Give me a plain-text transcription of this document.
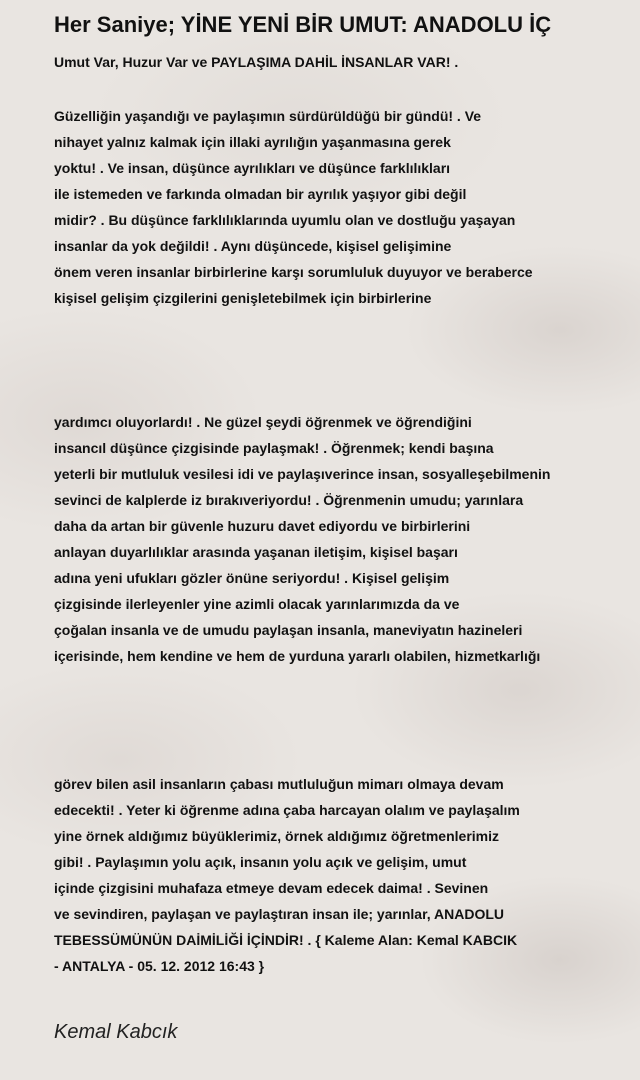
Her Saniye; YİNE YENİ BİR UMUT: ANADOLU İÇ
Umut Var, Huzur Var ve PAYLAŞIMA DAHİL İNSANLAR VAR! .
Güzelliğin yaşandığı ve paylaşımın sürdürüldüğü bir gündü! . Ve
nihayet yalnız kalmak için illaki ayrılığın yaşanmasına gerek
yoktu! . Ve insan, düşünce ayrılıkları ve düşünce farklılıkları
ile istemeden ve farkında olmadan bir ayrılık yaşıyor gibi değil
midir? . Bu düşünce farklılıklarında uyumlu olan ve dostluğu yaşayan
insanlar da yok değildi! . Aynı düşüncede, kişisel gelişimine
önem veren insanlar birbirlerine karşı sorumluluk duyuyor ve beraberce
kişisel gelişim çizgilerini genişletebilmek için birbirlerine
yardımcı oluyorlardı! . Ne güzel şeydi öğrenmek ve öğrendiğini
insancıl düşünce çizgisinde paylaşmak! . Öğrenmek; kendi başına
yeterli bir mutluluk vesilesi idi ve paylaşıverince insan, sosyalleşebilmenin
sevinci de kalplerde iz bırakıveriyordu! . Öğrenmenin umudu; yarınlara
daha da artan bir güvenle huzuru davet ediyordu ve birbirlerini
anlayan duyarlılıklar arasında yaşanan iletişim, kişisel başarı
adına yeni ufukları gözler önüne seriyordu! . Kişisel gelişim
çizgisinde ilerleyenler yine azimli olacak yarınlarımızda da ve
çoğalan insanla ve de umudu paylaşan insanla, maneviyatın hazineleri
içerisinde, hem kendine ve hem de yurduna yararlı olabilen, hizmetkarlığı
görev bilen asil insanların çabası mutluluğun mimarı olmaya devam
edecekti! . Yeter ki öğrenme adına çaba harcayan olalım ve paylaşalım
yine örnek aldığımız büyüklerimiz, örnek aldığımız öğretmenlerimiz
gibi! . Paylaşımın yolu açık, insanın yolu açık ve gelişim, umut
içinde çizgisini muhafaza etmeye devam edecek daima! . Sevinen
ve sevindiren, paylaşan ve paylaştıran insan ile; yarınlar, ANADOLU
TEBESSÜMÜNÜN DAİMİLİĞİ İÇİNDİR! . { Kaleme Alan: Kemal KABCIK
- ANTALYA - 05. 12. 2012 16:43 }
Kemal Kabcık
